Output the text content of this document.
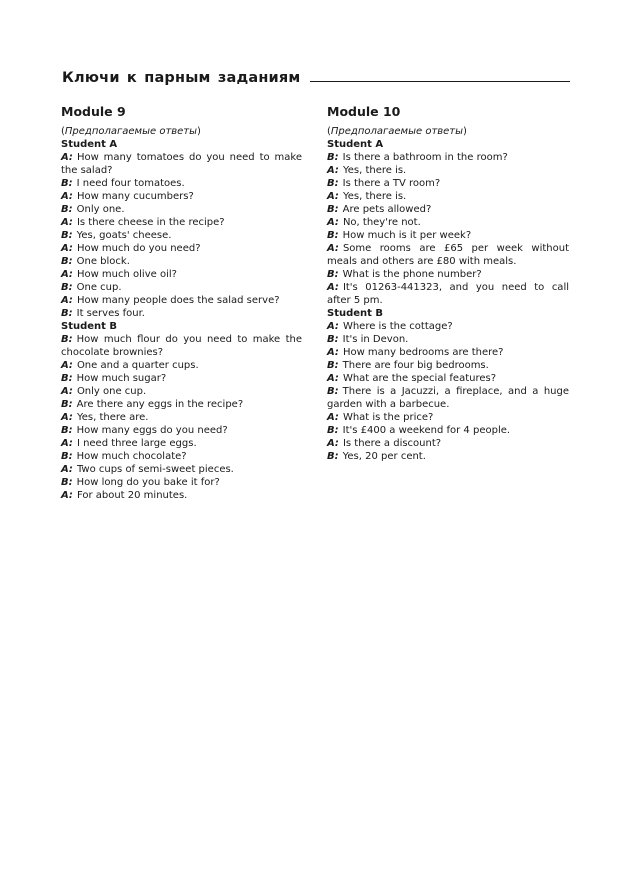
Ключи к парным заданиям
Module 9
(Предполагаемые ответы)
Student A
A: How many tomatoes do you need to make the salad?
B: I need four tomatoes.
A: How many cucumbers?
B: Only one.
A: Is there cheese in the recipe?
B: Yes, goats' cheese.
A: How much do you need?
B: One block.
A: How much olive oil?
B: One cup.
A: How many people does the salad serve?
B: It serves four.
Student B
B: How much flour do you need to make the chocolate brownies?
A: One and a quarter cups.
B: How much sugar?
A: Only one cup.
B: Are there any eggs in the recipe?
A: Yes, there are.
B: How many eggs do you need?
A: I need three large eggs.
B: How much chocolate?
A: Two cups of semi-sweet pieces.
B: How long do you bake it for?
A: For about 20 minutes.
Module 10
(Предполагаемые ответы)
Student A
B: Is there a bathroom in the room?
A: Yes, there is.
B: Is there a TV room?
A: Yes, there is.
B: Are pets allowed?
A: No, they're not.
B: How much is it per week?
A: Some rooms are £65 per week without meals and others are £80 with meals.
B: What is the phone number?
A: It's 01263-441323, and you need to call after 5 pm.
Student B
A: Where is the cottage?
B: It's in Devon.
A: How many bedrooms are there?
B: There are four big bedrooms.
A: What are the special features?
B: There is a Jacuzzi, a fireplace, and a huge garden with a barbecue.
A: What is the price?
B: It's £400 a weekend for 4 people.
A: Is there a discount?
B: Yes, 20 per cent.
